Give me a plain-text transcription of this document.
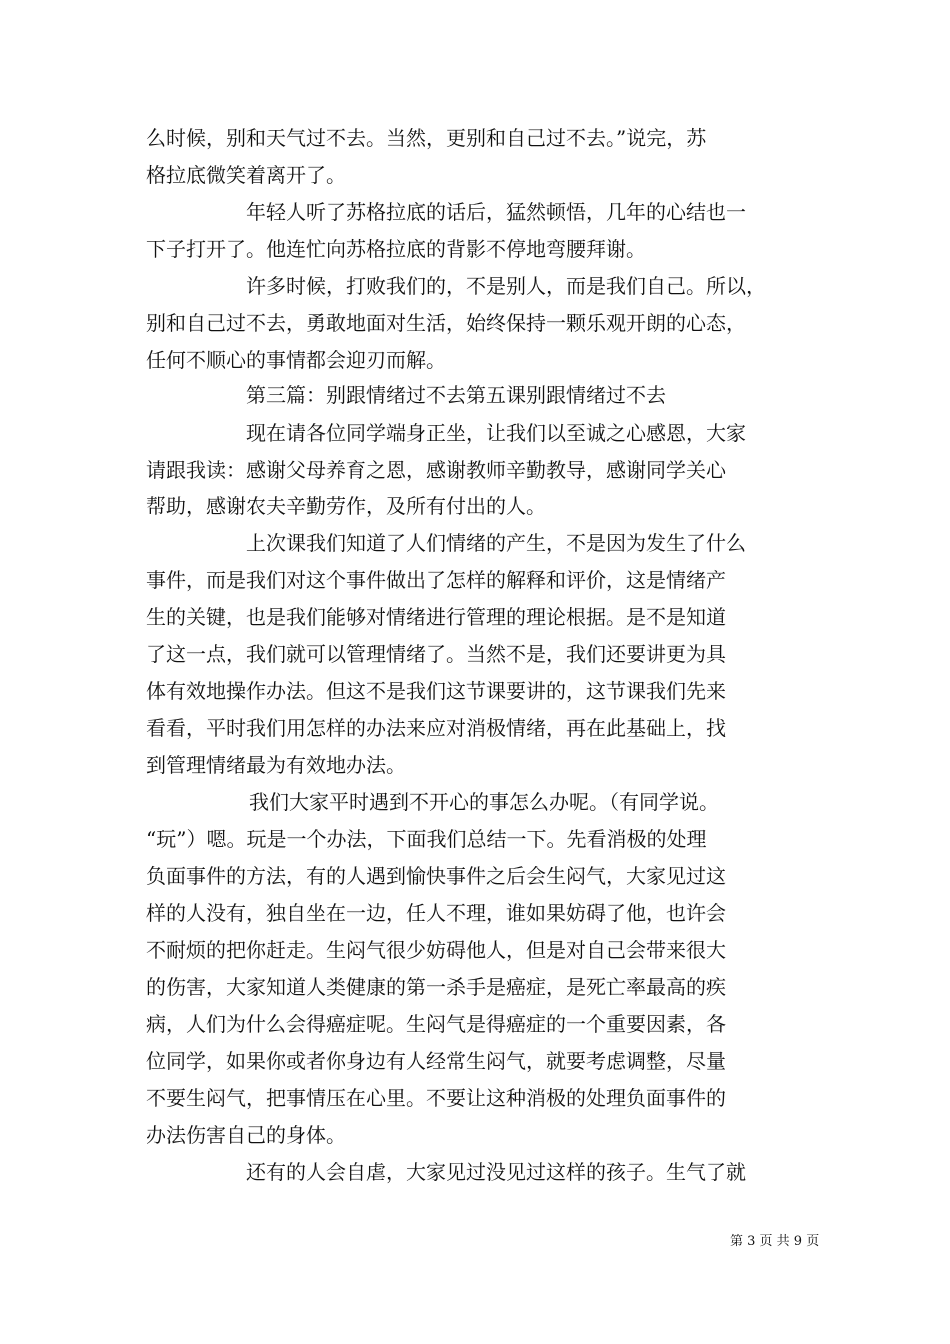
么时候，别和天气过不去。当然，更别和自己过不去。”说完，苏
格拉底微笑着离开了。
年轻人听了苏格拉底的话后，猛然顿悟，几年的心结也一
下子打开了。他连忙向苏格拉底的背影不停地弯腰拜谢。
许多时候，打败我们的，不是别人，而是我们自己。所以，
别和自己过不去，勇敢地面对生活，始终保持一颗乐观开朗的心态，
任何不顺心的事情都会迎刃而解。
第三篇：别跟情绪过不去第五课别跟情绪过不去
现在请各位同学端身正坐，让我们以至诚之心感恩，大家
请跟我读：感谢父母养育之恩，感谢教师辛勤教导，感谢同学关心
帮助，感谢农夫辛勤劳作，及所有付出的人。
上次课我们知道了人们情绪的产生，不是因为发生了什么
事件，而是我们对这个事件做出了怎样的解释和评价，这是情绪产
生的关键，也是我们能够对情绪进行管理的理论根据。是不是知道
了这一点，我们就可以管理情绪了。当然不是，我们还要讲更为具
体有效地操作办法。但这不是我们这节课要讲的，这节课我们先来
看看，平时我们用怎样的办法来应对消极情绪，再在此基础上，找
到管理情绪最为有效地办法。
我们大家平时遇到不开心的事怎么办呢。（有同学说。
“玩”）嗯。玩是一个办法，下面我们总结一下。先看消极的处理
负面事件的方法，有的人遇到愉快事件之后会生闷气，大家见过这
样的人没有，独自坐在一边，任人不理，谁如果妨碍了他，也许会
不耐烦的把你赶走。生闷气很少妨碍他人，但是对自己会带来很大
的伤害，大家知道人类健康的第一杀手是癌症，是死亡率最高的疾
病，人们为什么会得癌症呢。生闷气是得癌症的一个重要因素，各
位同学，如果你或者你身边有人经常生闷气，就要考虑调整，尽量
不要生闷气，把事情压在心里。不要让这种消极的处理负面事件的
办法伤害自己的身体。
还有的人会自虐，大家见过没见过这样的孩子。生气了就
第 3 页 共 9 页
